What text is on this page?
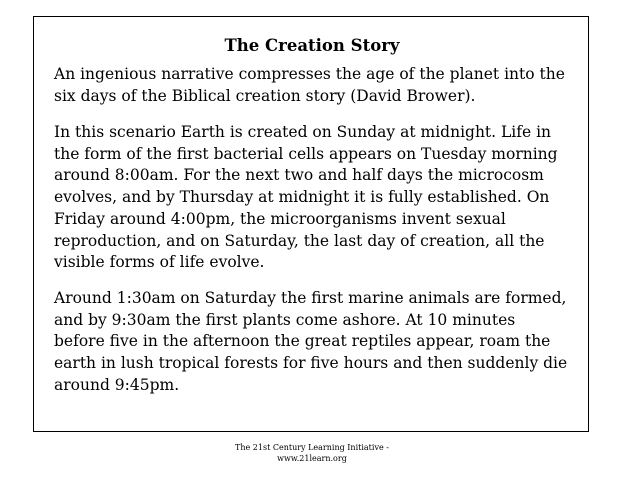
The Creation Story

An ingenious narrative compresses the age of the planet into the
six days of the Biblical creation story (David Brower).

In this scenario Earth is created on Sunday at midnight. Life in
the form of the first bacterial cells appears on Tuesday morning
around 8:00am. For the next two and half days the microcosm
evolves, and by Thursday at midnight it is fully established. On
Friday around 4:00pm, the microorganisms invent sexual
reproduction, and on Saturday, the last day of creation, all the
visible forms of life evolve.

Around 1:30am on Saturday the first marine animals are formed,
and by 9:30am the first plants come ashore. At 10 minutes
before five in the afternoon the great reptiles appear, roam the
earth in lush tropical forests for five hours and then suddenly die
around 9:45pm.

The 21st Century Learning Initiative -
www.21learn.org
